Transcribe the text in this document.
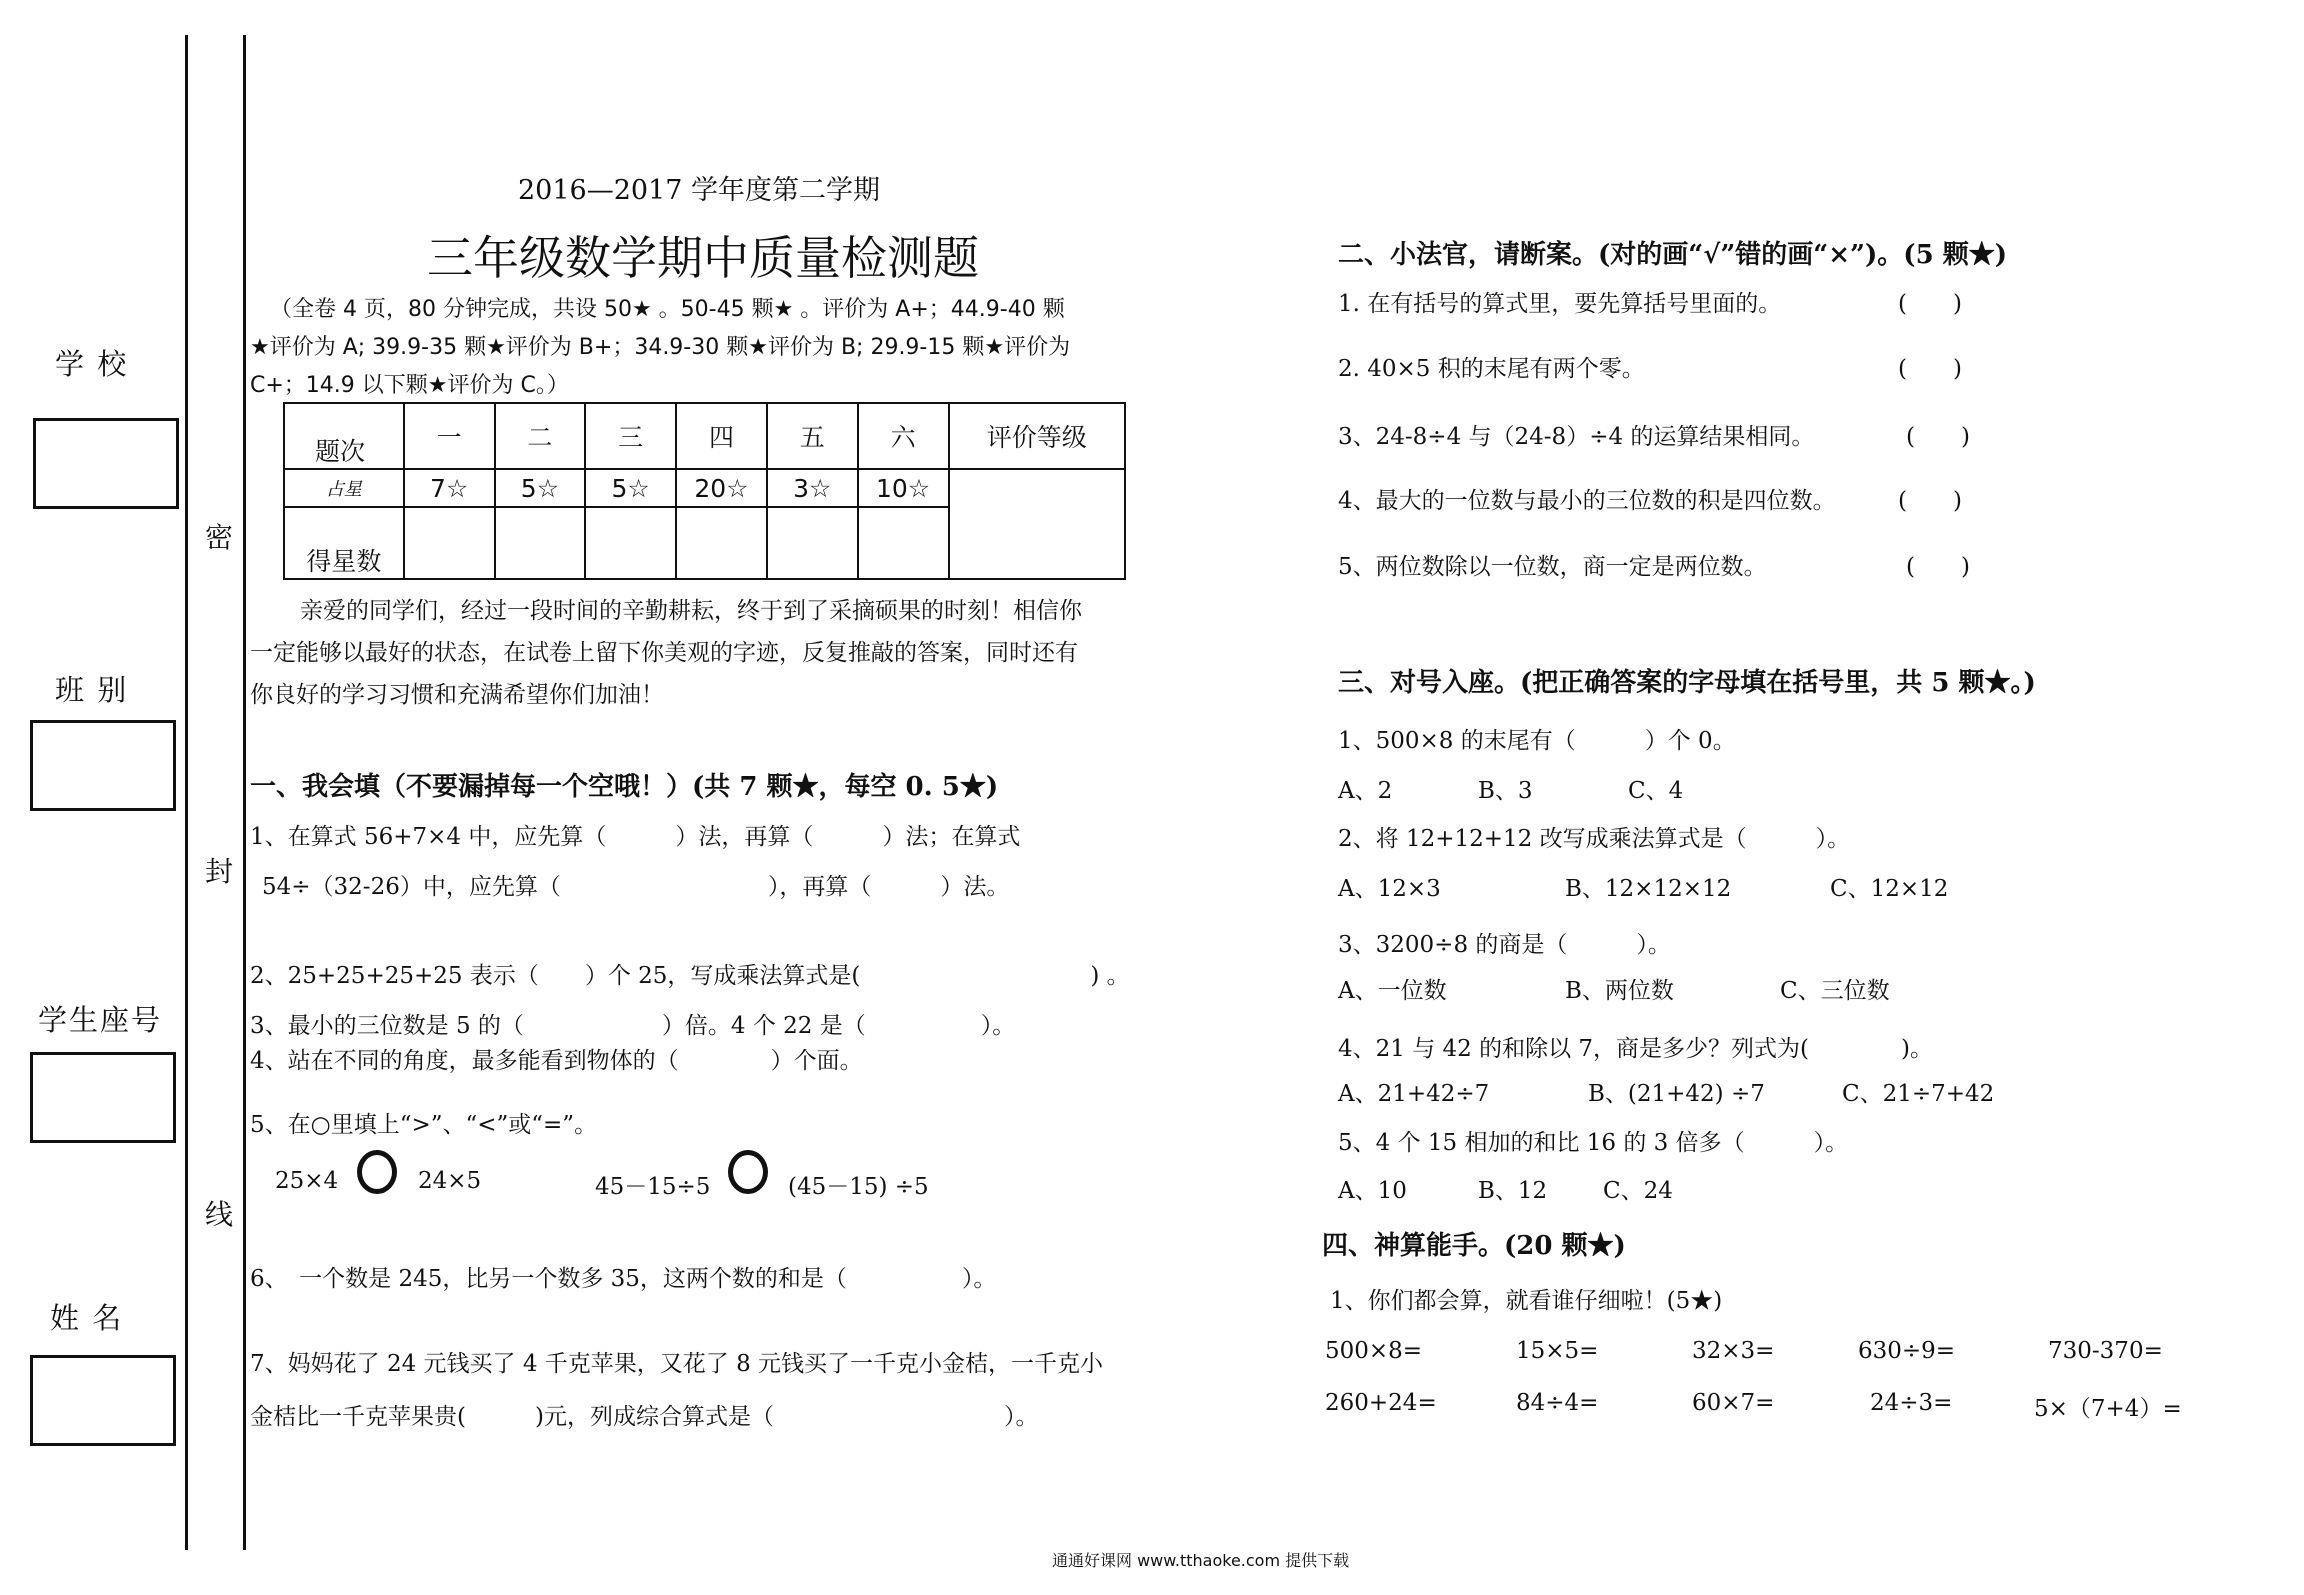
学 校
班 别
学生座号
姓 名
密
封
线
2016—2017 学年度第二学期
三年级数学期中质量检测题
（全卷 4 页，80 分钟完成，共设 50★ 。50-45 颗★ 。评价为 A+；44.9-40 颗
★评价为 A; 39.9-35 颗★评价为 B+；34.9-30 颗★评价为 B; 29.9-15 颗★评价为
C+；14.9 以下颗★评价为 C。）
题次	一	二	三	四	五	六	评价等级
占星	7☆	5☆	5☆	20☆	3☆	10☆	
得星数							
亲爱的同学们，经过一段时间的辛勤耕耘，终于到了采摘硕果的时刻！相信你
一定能够以最好的状态，在试卷上留下你美观的字迹，反复推敲的答案，同时还有
你良好的学习习惯和充满希望你们加油！
一、我会填（不要漏掉每一个空哦！）(共 7 颗★，每空 0. 5★)
1、在算式 56+7×4 中，应先算（　　　）法，再算（　　　）法；在算式
54÷（32-26）中，应先算（　　　　　　　　　），再算（　　　）法。
2、25+25+25+25 表示（　　）个 25，写成乘法算式是(　　　　　　　　　　) 。
3、最小的三位数是 5 的（　　　　　　）倍。4 个 22 是（　　　　　）。
4、站在不同的角度，最多能看到物体的（　　　　）个面。
5、在○里填上“>”、“<”或“=”。
25×4	24×5	45－15÷5	(45－15) ÷5
6、　一个数是 245，比另一个数多 35，这两个数的和是（　　　　　）。
7、妈妈花了 24 元钱买了 4 千克苹果，又花了 8 元钱买了一千克小金桔，一千克小
金桔比一千克苹果贵(　　　)元，列成综合算式是（　　　　　　　　　　）。
二、小法官，请断案。(对的画“√”错的画“×”)。(5 颗★)
1. 在有括号的算式里，要先算括号里面的。	(　　)
2. 40×5 积的末尾有两个零。	(　　)
3、24-8÷4 与（24-8）÷4 的运算结果相同。	(　　)
4、最大的一位数与最小的三位数的积是四位数。	(　　)
5、两位数除以一位数，商一定是两位数。	(　　)
三、对号入座。(把正确答案的字母填在括号里，共 5 颗★。)
1、500×8 的末尾有（　　　）个 0。
A、2	B、3	C、4
2、将 12+12+12 改写成乘法算式是（　　　）。
A、12×3	B、12×12×12	C、12×12
3、3200÷8 的商是（　　　）。
A、一位数	B、两位数	C、三位数
4、21 与 42 的和除以 7，商是多少？列式为(　　　　)。
A、21+42÷7	B、(21+42) ÷7	C、21÷7+42
5、4 个 15 相加的和比 16 的 3 倍多（　　　）。
A、10	B、12 C、24
四、神算能手。(20 颗★)
1、你们都会算，就看谁仔细啦！(5★)
500×8=	15×5=	32×3=	630÷9=	730-370=
260+24=	84÷4=	60×7=	24÷3=	5×（7+4）=
通通好课网 www.tthaoke.com 提供下载
